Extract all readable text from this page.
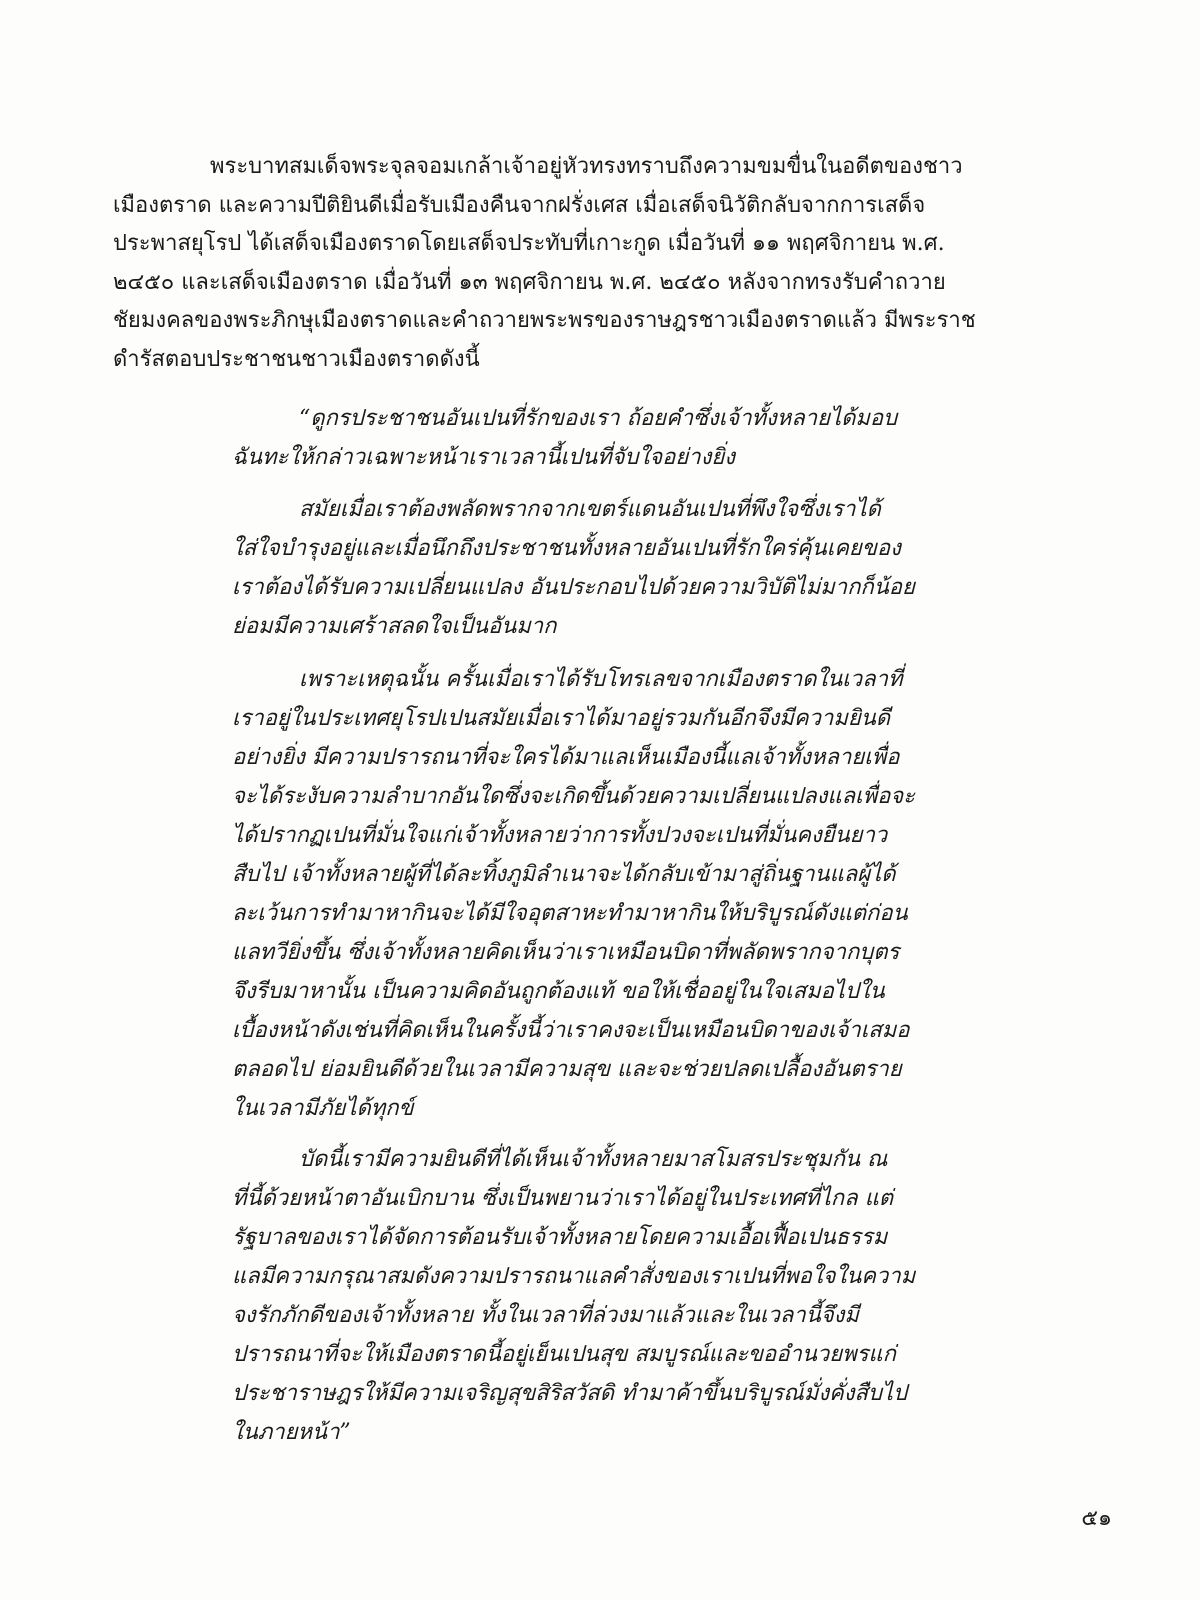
พระบาทสมเด็จพระจุลจอมเกล้าเจ้าอยู่หัวทรงทราบถึงความขมขื่นในอดีตของชาว
เมืองตราด และความปีติยินดีเมื่อรับเมืองคืนจากฝรั่งเศส เมื่อเสด็จนิวัติกลับจากการเสด็จ
ประพาสยุโรป ได้เสด็จเมืองตราดโดยเสด็จประทับที่เกาะกูด เมื่อวันที่ ๑๑ พฤศจิกายน พ.ศ.
๒๔๕๐ และเสด็จเมืองตราด เมื่อวันที่ ๑๓ พฤศจิกายน พ.ศ. ๒๔๕๐ หลังจากทรงรับคำถวาย
ชัยมงคลของพระภิกษุเมืองตราดและคำถวายพระพรของราษฎรชาวเมืองตราดแล้ว มีพระราช
ดำรัสตอบประชาชนชาวเมืองตราดดังนี้

“ดูกรประชาชนอันเปนที่รักของเรา ถ้อยคำซึ่งเจ้าทั้งหลายได้มอบ
ฉันทะให้กล่าวเฉพาะหน้าเราเวลานี้เปนที่จับใจอย่างยิ่ง

สมัยเมื่อเราต้องพลัดพรากจากเขตร์แดนอันเปนที่พึงใจซึ่งเราได้
ใส่ใจบำรุงอยู่และเมื่อนึกถึงประชาชนทั้งหลายอันเปนที่รักใคร่คุ้นเคยของ
เราต้องได้รับความเปลี่ยนแปลง อันประกอบไปด้วยความวิบัติไม่มากก็น้อย
ย่อมมีความเศร้าสลดใจเป็นอันมาก

เพราะเหตุฉนั้น ครั้นเมื่อเราได้รับโทรเลขจากเมืองตราดในเวลาที่
เราอยู่ในประเทศยุโรปเปนสมัยเมื่อเราได้มาอยู่รวมกันอีกจึงมีความยินดี
อย่างยิ่ง มีความปรารถนาที่จะใครได้มาแลเห็นเมืองนี้แลเจ้าทั้งหลายเพื่อ
จะได้ระงับความลำบากอันใดซึ่งจะเกิดขึ้นด้วยความเปลี่ยนแปลงแลเพื่อจะ
ได้ปรากฏเปนที่มั่นใจแก่เจ้าทั้งหลายว่าการทั้งปวงจะเปนที่มั่นคงยืนยาว
สืบไป เจ้าทั้งหลายผู้ที่ได้ละทิ้งภูมิลำเนาจะได้กลับเข้ามาสู่ถิ่นฐานแลผู้ได้
ละเว้นการทำมาหากินจะได้มีใจอุตสาหะทำมาหากินให้บริบูรณ์ดังแต่ก่อน
แลทวียิ่งขึ้น ซึ่งเจ้าทั้งหลายคิดเห็นว่าเราเหมือนบิดาที่พลัดพรากจากบุตร
จึงรีบมาหานั้น เป็นความคิดอันถูกต้องแท้ ขอให้เชื่ออยู่ในใจเสมอไปใน
เบื้องหน้าดังเช่นที่คิดเห็นในครั้งนี้ว่าเราคงจะเป็นเหมือนบิดาของเจ้าเสมอ
ตลอดไป ย่อมยินดีด้วยในเวลามีความสุข และจะช่วยปลดเปลื้องอันตราย
ในเวลามีภัยได้ทุกข์

บัดนี้เรามีความยินดีที่ได้เห็นเจ้าทั้งหลายมาสโมสรประชุมกัน ณ
ที่นี้ด้วยหน้าตาอันเบิกบาน ซึ่งเป็นพยานว่าเราได้อยู่ในประเทศที่ไกล แต่
รัฐบาลของเราได้จัดการต้อนรับเจ้าทั้งหลายโดยความเอื้อเฟื้อเปนธรรม
แลมีความกรุณาสมดังความปรารถนาแลคำสั่งของเราเปนที่พอใจในความ
จงรักภักดีของเจ้าทั้งหลาย ทั้งในเวลาที่ล่วงมาแล้วและในเวลานี้จึงมี
ปรารถนาที่จะให้เมืองตราดนี้อยู่เย็นเปนสุข สมบูรณ์และขออำนวยพรแก่
ประชาราษฎรให้มีความเจริญสุขสิริสวัสดิ ทำมาค้าขึ้นบริบูรณ์มั่งคั่งสืบไป
ในภายหน้า”

๕๑
